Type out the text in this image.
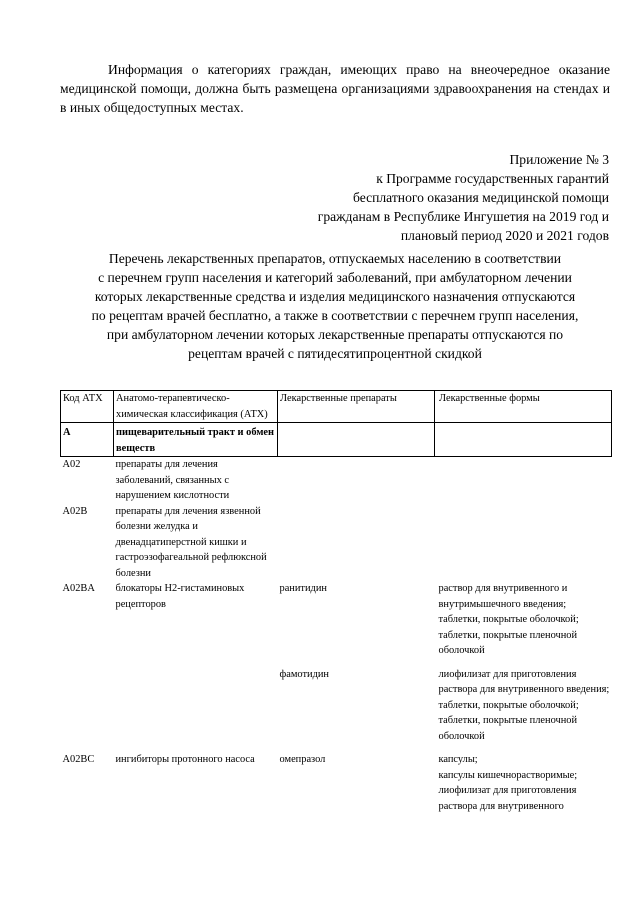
Информация о категориях граждан, имеющих право на внеочередное оказание медицинской помощи, должна быть размещена организациями здравоохранения на стендах и в иных общедоступных местах.

Приложение № 3
к Программе государственных гарантий
бесплатного оказания медицинской помощи
гражданам в Республике Ингушетия на 2019 год и
плановый период 2020 и 2021 годов
Перечень лекарственных препаратов, отпускаемых населению в соответствии
с перечнем групп населения и категорий заболеваний, при амбулаторном лечении
которых лекарственные средства и изделия медицинского назначения отпускаются
по рецептам врачей бесплатно, а также в соответствии с перечнем групп населения,
при амбулаторном лечении которых лекарственные препараты отпускаются по
рецептам врачей с пятидесятипроцентной скидкой
Код АТХ	Анатомо-терапевтическо-химическая классификация (АТХ)	Лекарственные препараты	Лекарственные формы
A	пищеварительный тракт и обмен веществ		
A02	препараты для лечения заболеваний, связанных с нарушением кислотности		
A02B	препараты для лечения язвенной болезни желудка и двенадцатиперстной кишки и гастроэзофагеальной рефлюксной болезни		
A02BA	блокаторы H2-гистаминовых рецепторов	ранитидин	раствор для внутривенного и внутримышечного введения;
таблетки, покрытые оболочкой;
таблетки, покрытые пленочной оболочкой

		фамотидин	лиофилизат для приготовления раствора для внутривенного введения;
таблетки, покрытые оболочкой;
таблетки, покрытые пленочной оболочкой

A02BC	ингибиторы протонного насоса	омепразол	капсулы;
капсулы кишечнорастворимые;
лиофилизат для приготовления раствора для внутривенного
